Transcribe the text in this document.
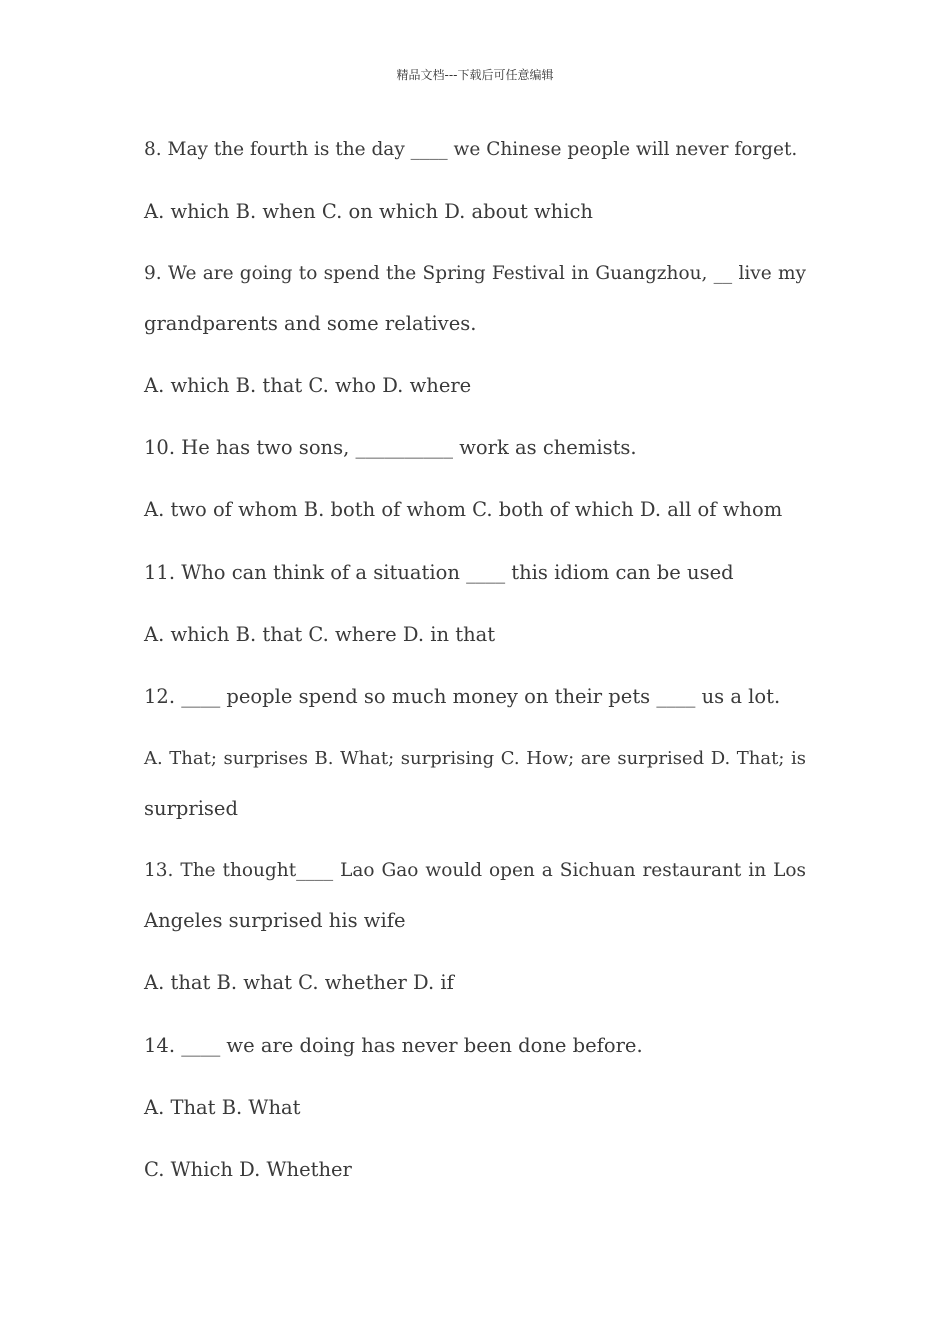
精品文档---下载后可任意编辑
8. May the fourth is the day ____ we Chinese people will never forget.
A. which B. when C. on which D. about which
9. We are going to spend the Spring Festival in Guangzhou, __ live my
grandparents and some relatives.
A. which B. that C. who D. where
10. He has two sons, __________ work as chemists.
A. two of whom B. both of whom C. both of which D. all of whom
11. Who can think of a situation ____ this idiom can be used
A. which B. that C. where D. in that
12. ____ people spend so much money on their pets ____ us a lot.
A. That; surprises B. What; surprising C. How; are surprised D. That; is
surprised
13. The thought____ Lao Gao would open a Sichuan restaurant in Los
Angeles surprised his wife
A. that B. what C. whether D. if
14. ____ we are doing has never been done before.
A. That B. What
C. Which D. Whether
